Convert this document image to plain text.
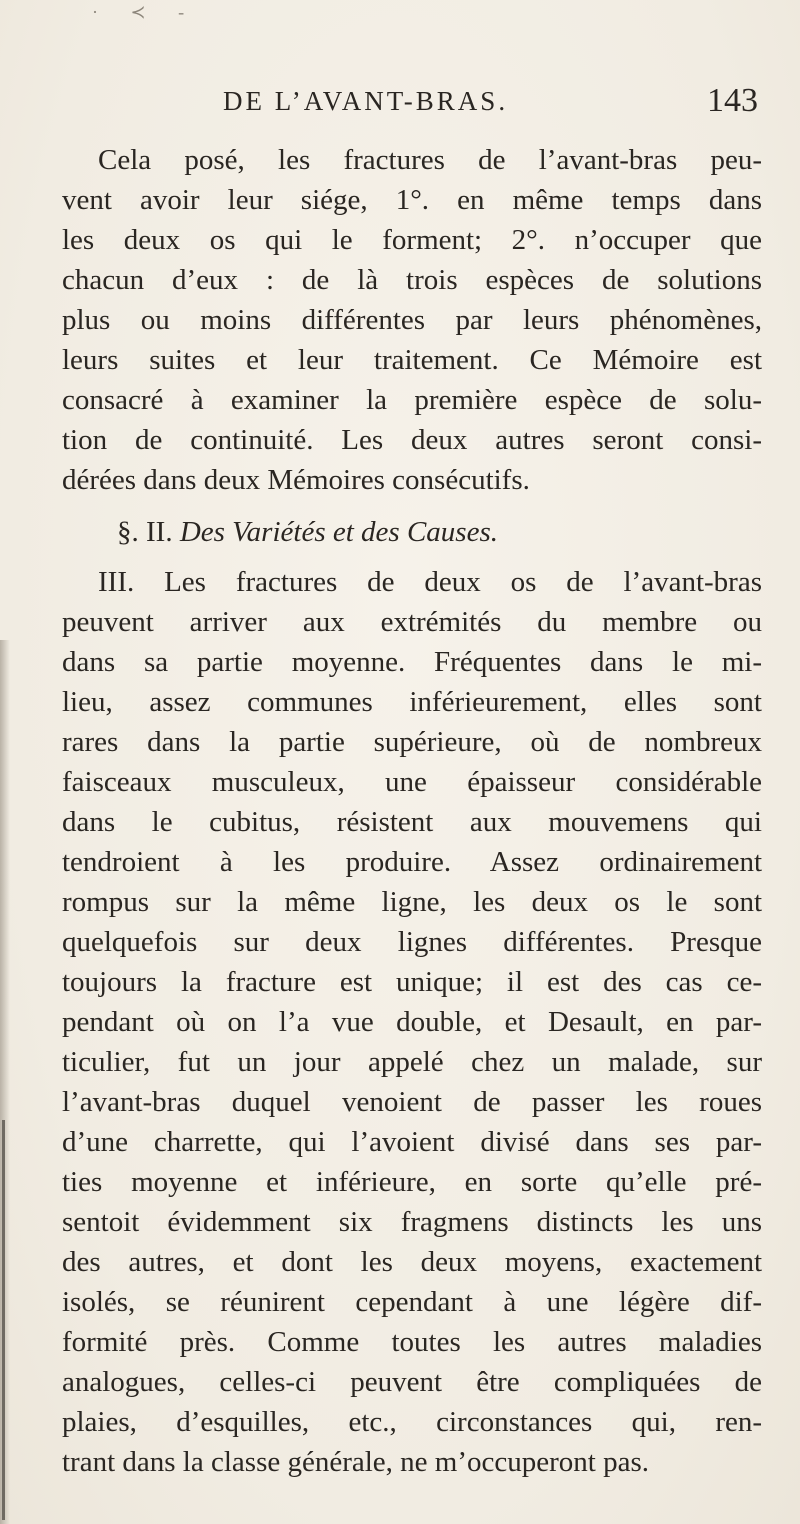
· ≺ -
DE L’AVANT-BRAS.	143
Cela posé, les fractures de l’avant-bras peu-
vent avoir leur siége, 1°. en même temps dans
les deux os qui le forment; 2°. n’occuper que
chacun d’eux : de là trois espèces de solutions
plus ou moins différentes par leurs phénomènes,
leurs suites et leur traitement. Ce Mémoire est
consacré à examiner la première espèce de solu-
tion de continuité. Les deux autres seront consi-
dérées dans deux Mémoires consécutifs.
§. II. Des Variétés et des Causes.
III. Les fractures de deux os de l’avant-bras
peuvent arriver aux extrémités du membre ou
dans sa partie moyenne. Fréquentes dans le mi-
lieu, assez communes inférieurement, elles sont
rares dans la partie supérieure, où de nombreux
faisceaux musculeux, une épaisseur considérable
dans le cubitus, résistent aux mouvemens qui
tendroient à les produire. Assez ordinairement
rompus sur la même ligne, les deux os le sont
quelquefois sur deux lignes différentes. Presque
toujours la fracture est unique; il est des cas ce-
pendant où on l’a vue double, et Desault, en par-
ticulier, fut un jour appelé chez un malade, sur
l’avant-bras duquel venoient de passer les roues
d’une charrette, qui l’avoient divisé dans ses par-
ties moyenne et inférieure, en sorte qu’elle pré-
sentoit évidemment six fragmens distincts les uns
des autres, et dont les deux moyens, exactement
isolés, se réunirent cependant à une légère dif-
formité près. Comme toutes les autres maladies
analogues, celles-ci peuvent être compliquées de
plaies, d’esquilles, etc., circonstances qui, ren-
trant dans la classe générale, ne m’occuperont pas.
